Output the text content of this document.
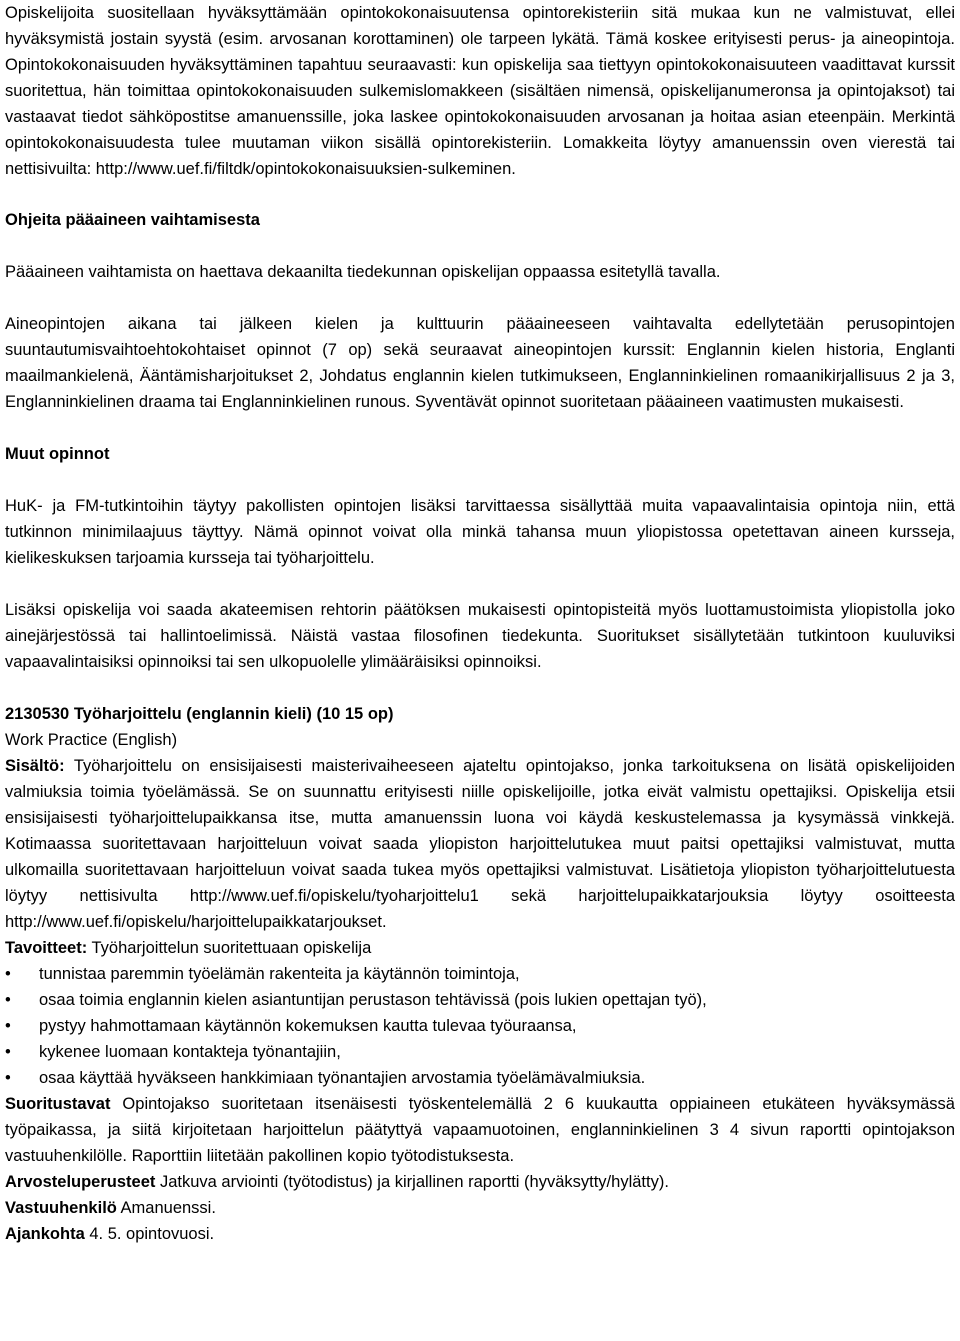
Opiskelijoita suositellaan hyväksyttämään opintokokonaisuutensa opintorekisteriin sitä mukaa kun ne valmistuvat, ellei hyväksymistä jostain syystä (esim. arvosanan korottaminen) ole tarpeen lykätä. Tämä koskee erityisesti perus- ja aineopintoja. Opintokokonaisuuden hyväksyttäminen tapahtuu seuraavasti: kun opiskelija saa tiettyyn opintokokonaisuuteen vaadittavat kurssit suoritettua, hän toimittaa opintokokonaisuuden sulkemislomakkeen (sisältäen nimensä, opiskelijanumeronsa ja opintojaksot) tai vastaavat tiedot sähköpostitse amanuenssille, joka laskee opintokokonaisuuden arvosanan ja hoitaa asian eteenpäin. Merkintä opintokokonaisuudesta tulee muutaman viikon sisällä opintorekisteriin. Lomakkeita löytyy amanuenssin oven vierestä tai nettisivuilta: http://www.uef.fi/filtdk/opintokokonaisuuksien-sulkeminen.

Ohjeita pääaineen vaihtamisesta

Pääaineen vaihtamista on haettava dekaanilta tiedekunnan opiskelijan oppaassa esitetyllä tavalla.

Aineopintojen aikana tai jälkeen kielen ja kulttuurin pääaineeseen vaihtavalta edellytetään perusopintojen suuntautumisvaihtoehtokohtaiset opinnot (7 op) sekä seuraavat aineopintojen kurssit: Englannin kielen historia, Englanti maailmankielenä, Ääntämisharjoitukset 2, Johdatus englannin kielen tutkimukseen, Englanninkielinen romaanikirjallisuus 2 ja 3, Englanninkielinen draama tai Englanninkielinen runous. Syventävät opinnot suoritetaan pääaineen vaatimusten mukaisesti.

Muut opinnot

HuK- ja FM-tutkintoihin täytyy pakollisten opintojen lisäksi tarvittaessa sisällyttää muita vapaavalintaisia opintoja niin, että tutkinnon minimilaajuus täyttyy. Nämä opinnot voivat olla minkä tahansa muun yliopistossa opetettavan aineen kursseja, kielikeskuksen tarjoamia kursseja tai työharjoittelu.

Lisäksi opiskelija voi saada akateemisen rehtorin päätöksen mukaisesti opintopisteitä myös luottamustoimista yliopistolla joko ainejärjestössä tai hallintoelimissä. Näistä vastaa filosofinen tiedekunta. Suoritukset sisällytetään tutkintoon kuuluviksi vapaavalintaisiksi opinnoiksi tai sen ulkopuolelle ylimääräisiksi opinnoiksi.

2130530 Työharjoittelu (englannin kieli) (10 15 op)

Work Practice (English)

Sisältö: Työharjoittelu on ensisijaisesti maisterivaiheeseen ajateltu opintojakso, jonka tarkoituksena on lisätä opiskelijoiden valmiuksia toimia työelämässä. Se on suunnattu erityisesti niille opiskelijoille, jotka eivät valmistu opettajiksi. Opiskelija etsii ensisijaisesti työharjoittelupaikkansa itse, mutta amanuenssin luona voi käydä keskustelemassa ja kysymässä vinkkejä. Kotimaassa suoritettavaan harjoitteluun voivat saada yliopiston harjoittelutukea muut paitsi opettajiksi valmistuvat, mutta ulkomailla suoritettavaan harjoitteluun voivat saada tukea myös opettajiksi valmistuvat. Lisätietoja yliopiston työharjoittelutuesta löytyy nettisivulta http://www.uef.fi/opiskelu/tyoharjoittelu1 sekä harjoittelupaikkatarjouksia löytyy osoitteesta http://www.uef.fi/opiskelu/harjoittelupaikkatarjoukset.

Tavoitteet: Työharjoittelun suoritettuaan opiskelija

• tunnistaa paremmin työelämän rakenteita ja käytännön toimintoja,
• osaa toimia englannin kielen asiantuntijan perustason tehtävissä (pois lukien opettajan työ),
• pystyy hahmottamaan käytännön kokemuksen kautta tulevaa työuraansa,
• kykenee luomaan kontakteja työnantajiin,
• osaa käyttää hyväkseen hankkimiaan työnantajien arvostamia työelämävalmiuksia.

Suoritustavat Opintojakso suoritetaan itsenäisesti työskentelemällä 2 6 kuukautta oppiaineen etukäteen hyväksymässä työpaikassa, ja siitä kirjoitetaan harjoittelun päätyttyä vapaamuotoinen, englanninkielinen 3 4 sivun raportti opintojakson vastuuhenkilölle. Raporttiin liitetään pakollinen kopio työtodistuksesta.

Arvosteluperusteet Jatkuva arviointi (työtodistus) ja kirjallinen raportti (hyväksytty/hylätty).

Vastuuhenkilö Amanuenssi.

Ajankohta 4. 5. opintovuosi.
